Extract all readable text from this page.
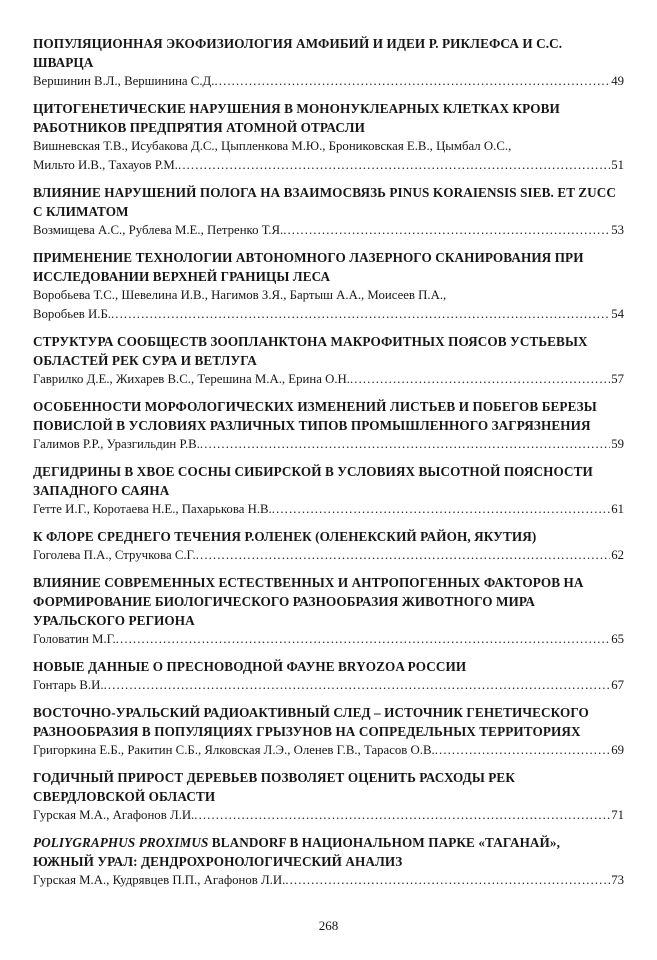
ПОПУЛЯЦИОННАЯ ЭКОФИЗИОЛОГИЯ АМФИБИЙ И ИДЕИ Р. РИКЛЕФСА И С.С. ШВАРЦА
Вершинин В.Л., Вершинина С.Д. .....	49
ЦИТОГЕНЕТИЧЕСКИЕ НАРУШЕНИЯ В МОНОНУКЛЕАРНЫХ КЛЕТКАХ КРОВИ РАБОТНИКОВ ПРЕДПРЯТИЯ АТОМНОЙ ОТРАСЛИ
Вишневская Т.В., Исубакова Д.С., Цыпленкова М.Ю., Брониковская Е.В., Цымбал О.С.,
Мильто И.В., Тахауов Р.М. .....	51
ВЛИЯНИЕ НАРУШЕНИЙ ПОЛОГА НА ВЗАИМОСВЯЗЬ PINUS KORAIENSIS SIEB. ET ZUCC С КЛИМАТОМ
Возмищева А.С., Рублева М.Е., Петренко Т.Я. .....	53
ПРИМЕНЕНИЕ ТЕХНОЛОГИИ АВТОНОМНОГО ЛАЗЕРНОГО СКАНИРОВАНИЯ ПРИ ИССЛЕДОВАНИИ ВЕРХНЕЙ ГРАНИЦЫ ЛЕСА
Воробьева Т.С., Шевелина И.В., Нагимов З.Я., Бартыш А.А., Моисеев П.А.,
Воробьев И.Б. .....	54
СТРУКТУРА СООБЩЕСТВ ЗООПЛАНКТОНА МАКРОФИТНЫХ ПОЯСОВ УСТЬЕВЫХ ОБЛАСТЕЙ РЕК СУРА И ВЕТЛУГА
Гаврилко Д.Е., Жихарев В.С., Терешина М.А., Ерина О.Н. .....	57
ОСОБЕННОСТИ МОРФОЛОГИЧЕСКИХ ИЗМЕНЕНИЙ ЛИСТЬЕВ И ПОБЕГОВ БЕРЕЗЫ ПОВИСЛОЙ В УСЛОВИЯХ РАЗЛИЧНЫХ ТИПОВ ПРОМЫШЛЕННОГО ЗАГРЯЗНЕНИЯ
Галимов Р.Р., Уразгильдин Р.В. .....	59
ДЕГИДРИНЫ В ХВОЕ СОСНЫ СИБИРСКОЙ В УСЛОВИЯХ ВЫСОТНОЙ ПОЯСНОСТИ ЗАПАДНОГО САЯНА
Гетте И.Г., Коротаева Н.Е., Пахарькова Н.В. .....	61
К ФЛОРЕ СРЕДНЕГО ТЕЧЕНИЯ Р.ОЛЕНЕК (ОЛЕНЕКСКИЙ РАЙОН, ЯКУТИЯ)
Гоголева П.А., Стручкова С.Г. .....	62
ВЛИЯНИЕ СОВРЕМЕННЫХ ЕСТЕСТВЕННЫХ И АНТРОПОГЕННЫХ ФАКТОРОВ НА ФОРМИРОВАНИЕ БИОЛОГИЧЕСКОГО РАЗНООБРАЗИЯ ЖИВОТНОГО МИРА УРАЛЬСКОГО РЕГИОНА
Головатин М.Г. .....	65
НОВЫЕ ДАННЫЕ О ПРЕСНОВОДНОЙ ФАУНЕ BRYOZOA РОССИИ
Гонтарь В.И. .....	67
ВОСТОЧНО-УРАЛЬСКИЙ РАДИОАКТИВНЫЙ СЛЕД – ИСТОЧНИК ГЕНЕТИЧЕСКОГО РАЗНООБРАЗИЯ В ПОПУЛЯЦИЯХ ГРЫЗУНОВ НА СОПРЕДЕЛЬНЫХ ТЕРРИТОРИЯХ
Григоркина Е.Б., Ракитин С.Б., Ялковская Л.Э., Оленев Г.В., Тарасов О.В. .....	69
ГОДИЧНЫЙ ПРИРОСТ ДЕРЕВЬЕВ ПОЗВОЛЯЕТ ОЦЕНИТЬ РАСХОДЫ РЕК СВЕРДЛОВСКОЙ ОБЛАСТИ
Гурская М.А., Агафонов Л.И. .....	71
POLIYGRAPHUS PROXIMUS BLANDORF В НАЦИОНАЛЬНОМ ПАРКЕ «ТАГАНАЙ», ЮЖНЫЙ УРАЛ: ДЕНДРОХРОНОЛОГИЧЕСКИЙ АНАЛИЗ
Гурская М.А., Кудрявцев П.П., Агафонов Л.И. .....	73
268
